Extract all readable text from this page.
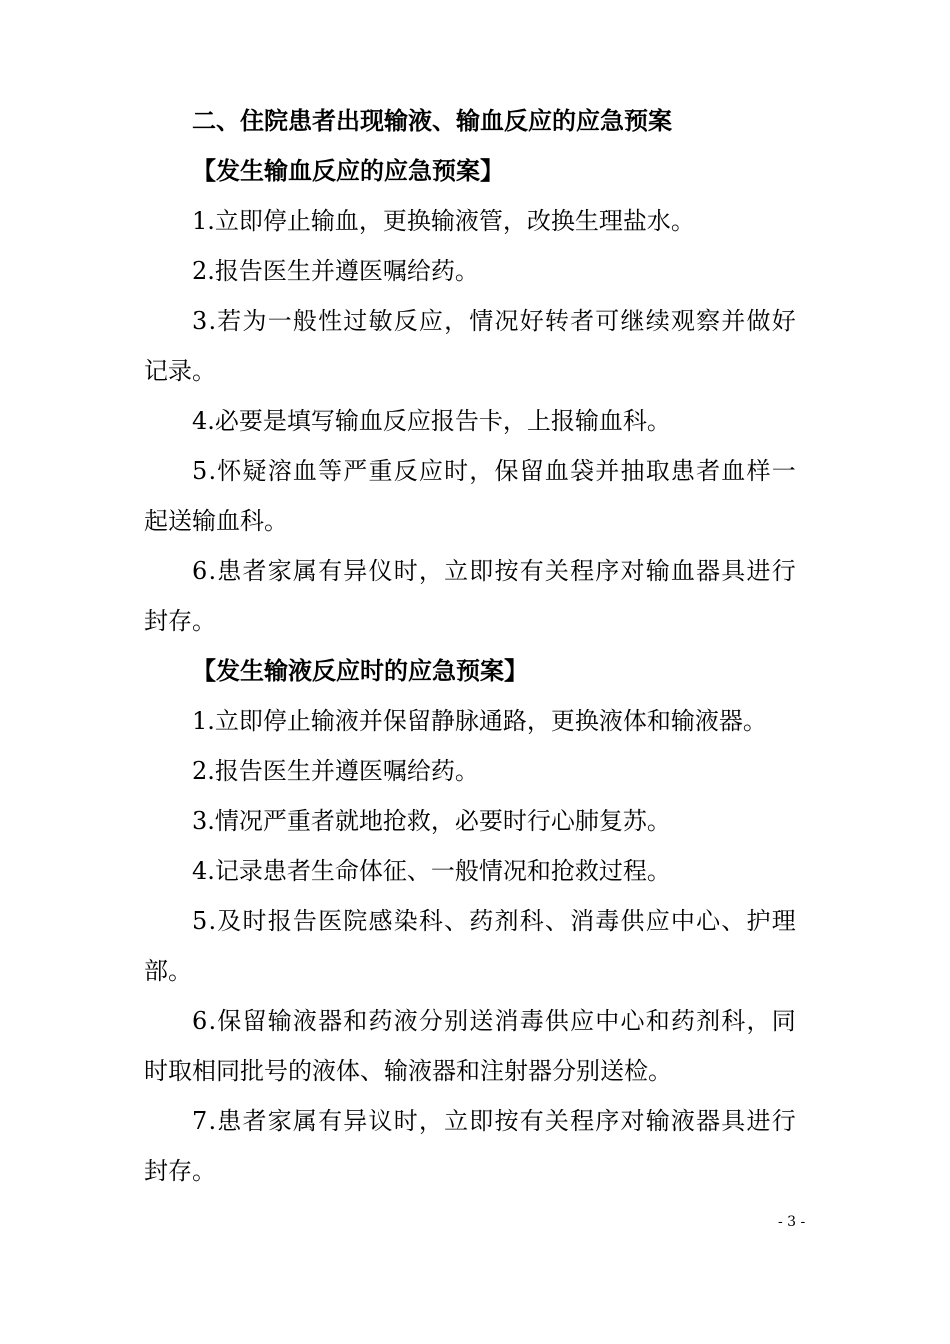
二、住院患者出现输液、输血反应的应急预案
【发生输血反应的应急预案】
1.立即停止输血，更换输液管，改换生理盐水。
2.报告医生并遵医嘱给药。
3.若为一般性过敏反应，情况好转者可继续观察并做好
记录。
4.必要是填写输血反应报告卡，上报输血科。
5.怀疑溶血等严重反应时，保留血袋并抽取患者血样一
起送输血科。
6.患者家属有异仪时，立即按有关程序对输血器具进行
封存。
【发生输液反应时的应急预案】
1.立即停止输液并保留静脉通路，更换液体和输液器。
2.报告医生并遵医嘱给药。
3.情况严重者就地抢救，必要时行心肺复苏。
4.记录患者生命体征、一般情况和抢救过程。
5.及时报告医院感染科、药剂科、消毒供应中心、护理
部。
6.保留输液器和药液分别送消毒供应中心和药剂科，同
时取相同批号的液体、输液器和注射器分别送检。
7.患者家属有异议时，立即按有关程序对输液器具进行
封存。
- 3 -
